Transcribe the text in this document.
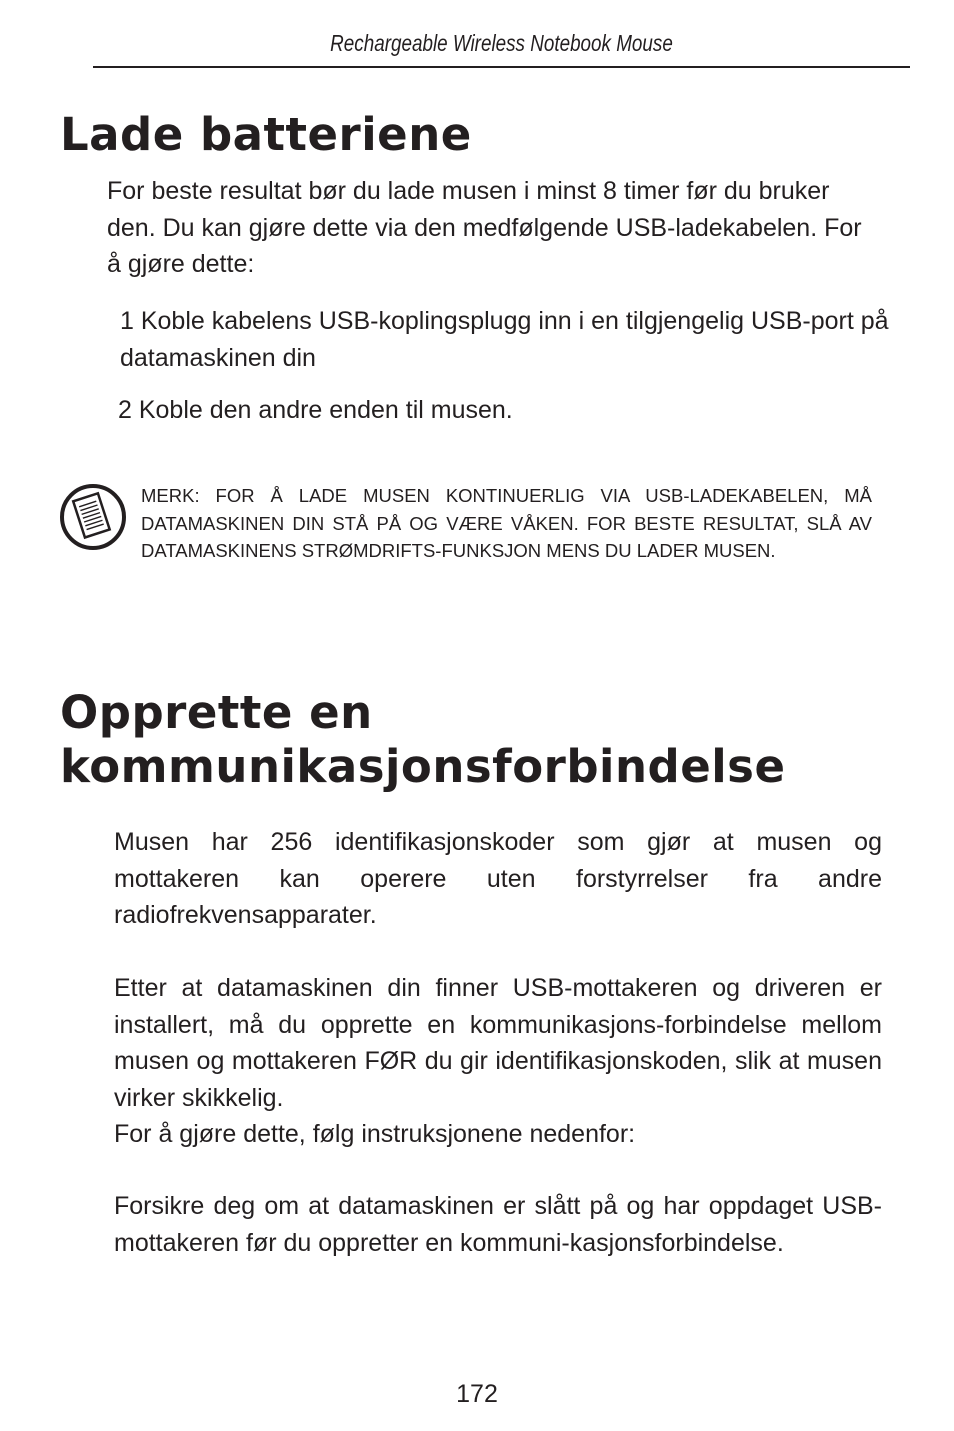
Rechargeable Wireless Notebook Mouse
Lade batteriene

For beste resultat bør du lade musen i minst 8 timer før du bruker den. Du kan gjøre dette via den medfølgende USB-ladekabelen. For å gjøre dette:

1 Koble kabelens USB-koplingsplugg inn i en tilgjengelig USB-port på datamaskinen din

2 Koble den andre enden til musen.

MERK: FOR Å LADE MUSEN KONTINUERLIG VIA USB-LADEKABELEN, MÅ DATAMASKINEN DIN STÅ PÅ OG VÆRE VÅKEN. FOR BESTE RESULTAT, SLÅ AV DATAMASKINENS STRØMDRIFTS-FUNKSJON MENS DU LADER MUSEN.

Opprette en
kommunikasjonsforbindelse

Musen har 256 identifikasjonskoder som gjør at musen og mottakeren kan operere uten forstyrrelser fra andre radiofrekvensapparater.

Etter at datamaskinen din finner USB-mottakeren og driveren er installert, må du opprette en kommunikasjons-forbindelse mellom musen og mottakeren FØR du gir identifikasjonskoden, slik at musen virker skikkelig.

For å gjøre dette, følg instruksjonene nedenfor:

Forsikre deg om at datamaskinen er slått på og har oppdaget USB-mottakeren før du oppretter en kommuni-kasjonsforbindelse.

172
